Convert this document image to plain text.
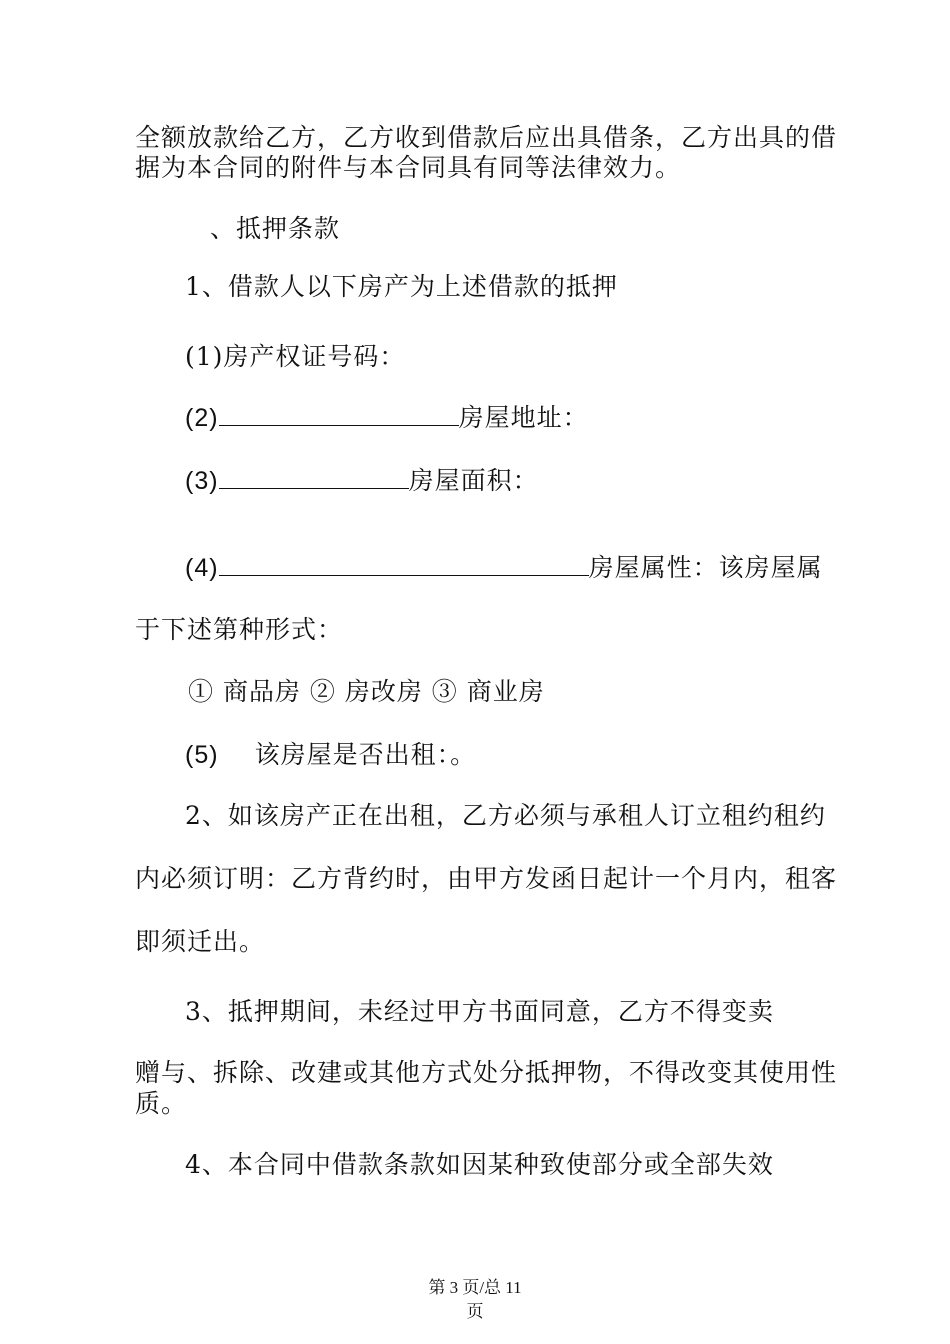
全额放款给乙方，乙方收到借款后应出具借条，乙方出具的借
据为本合同的附件与本合同具有同等法律效力。
、抵押条款
1、借款人以下房产为上述借款的抵押
(1)房产权证号码：
(2)	房屋地址：
(3)	房屋面积：
(4)	房屋属性：该房屋属
于下述第种形式：
① 商品房 ② 房改房 ③ 商业房
(5) 该房屋是否出租：。
2、如该房产正在出租，乙方必须与承租人订立租约租约
内必须订明：乙方背约时，由甲方发函日起计一个月内，租客
即须迁出。
3、抵押期间，未经过甲方书面同意，乙方不得变卖
赠与、拆除、改建或其他方式处分抵押物，不得改变其使用性
质。
4、本合同中借款条款如因某种致使部分或全部失效
第 3 页/总 11
页
